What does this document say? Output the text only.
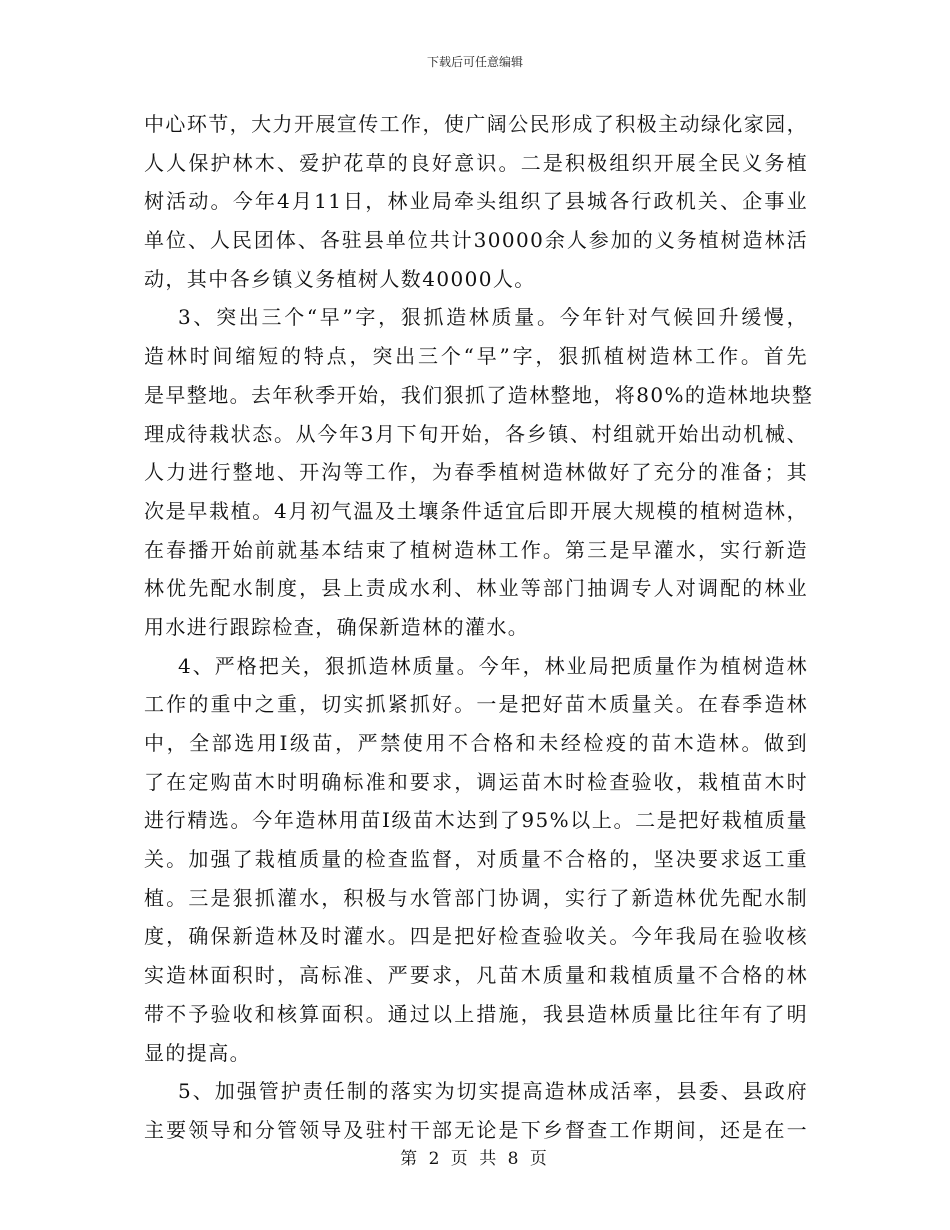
下载后可任意编辑
中心环节，大力开展宣传工作，使广阔公民形成了积极主动绿化家园，
人人保护林木、爱护花草的良好意识。二是积极组织开展全民义务植
树活动。今年4月11日，林业局牵头组织了县城各行政机关、企事业
单位、人民团体、各驻县单位共计30000余人参加的义务植树造林活
动，其中各乡镇义务植树人数40000人。
3、突出三个“早”字，狠抓造林质量。今年针对气候回升缓慢，
造林时间缩短的特点，突出三个“早”字，狠抓植树造林工作。首先
是早整地。去年秋季开始，我们狠抓了造林整地，将80%的造林地块整
理成待栽状态。从今年3月下旬开始，各乡镇、村组就开始出动机械、
人力进行整地、开沟等工作，为春季植树造林做好了充分的准备；其
次是早栽植。4月初气温及土壤条件适宜后即开展大规模的植树造林，
在春播开始前就基本结束了植树造林工作。第三是早灌水，实行新造
林优先配水制度，县上责成水利、林业等部门抽调专人对调配的林业
用水进行跟踪检查，确保新造林的灌水。
4、严格把关，狠抓造林质量。今年，林业局把质量作为植树造林
工作的重中之重，切实抓紧抓好。一是把好苗木质量关。在春季造林
中，全部选用Ⅰ级苗，严禁使用不合格和未经检疫的苗木造林。做到
了在定购苗木时明确标准和要求，调运苗木时检查验收，栽植苗木时
进行精选。今年造林用苗Ⅰ级苗木达到了95%以上。二是把好栽植质量
关。加强了栽植质量的检查监督，对质量不合格的，坚决要求返工重
植。三是狠抓灌水，积极与水管部门协调，实行了新造林优先配水制
度，确保新造林及时灌水。四是把好检查验收关。今年我局在验收核
实造林面积时，高标准、严要求，凡苗木质量和栽植质量不合格的林
带不予验收和核算面积。通过以上措施，我县造林质量比往年有了明
显的提高。
5、加强管护责任制的落实为切实提高造林成活率，县委、县政府
主要领导和分管领导及驻村干部无论是下乡督查工作期间，还是在一
第 2 页 共 8 页
